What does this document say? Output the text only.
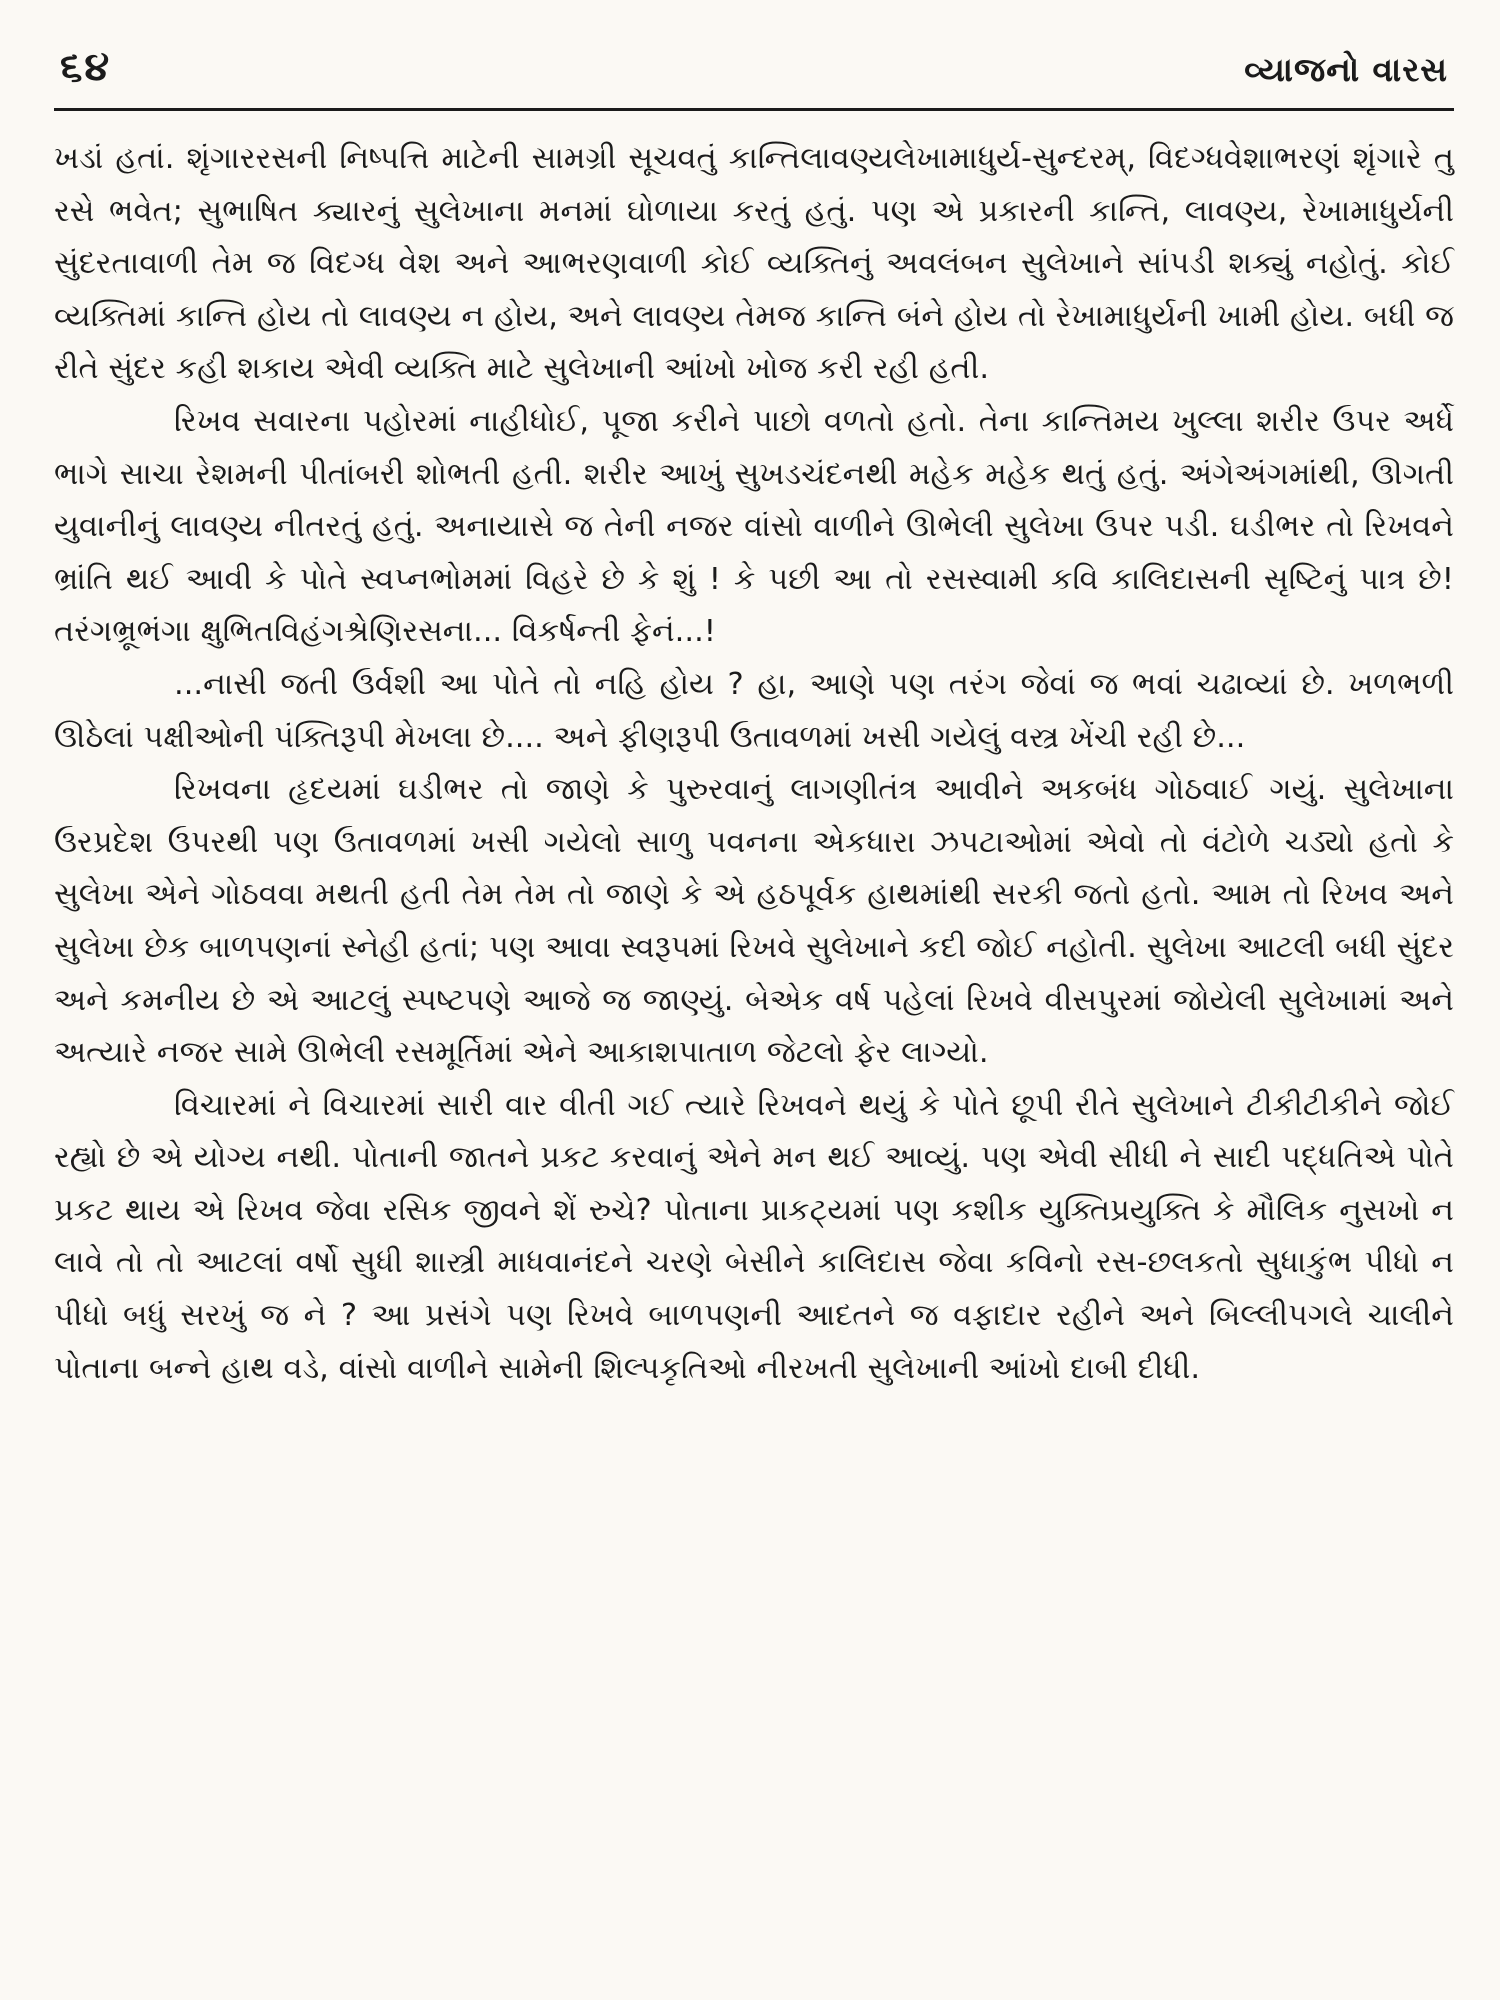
૬૪	વ્યાજનો વારસ

ખડાં હતાં. શૃંગારરસની નિષ્પત્તિ માટેની સામગ્રી સૂચવતું કાન્તિલાવણ્યલેખામાધુર્ય-સુન્દરમ્, વિદગ્ધવેશાભરણં શૃંગારે તુ રસે ભવેત; સુભાષિત ક્યારનું સુલેખાના મનમાં ઘોળાયા કરતું હતું. પણ એ પ્રકારની કાન્તિ, લાવણ્ય, રેખામાધુર્યની સુંદરતાવાળી તેમ જ વિદગ્ધ વેશ અને આભરણવાળી કોઈ વ્યક્તિનું અવલંબન સુલેખાને સાંપડી શક્યું નહોતું. કોઈ વ્યક્તિમાં કાન્તિ હોય તો લાવણ્ય ન હોય, અને લાવણ્ય તેમજ કાન્તિ બંને હોય તો રેખામાધુર્યની ખામી હોય. બધી જ રીતે સુંદર કહી શકાય એવી વ્યક્તિ માટે સુલેખાની આંખો ખોજ કરી રહી હતી.

રિખવ સવારના પહોરમાં નાહીધોઈ, પૂજા કરીને પાછો વળતો હતો. તેના કાન્તિમય ખુલ્લા શરીર ઉપર અર્ધે ભાગે સાચા રેશમની પીતાંબરી શોભતી હતી. શરીર આખું સુખડચંદનથી મહેક મહેક થતું હતું. અંગેઅંગમાંથી, ઊગતી યુવાનીનું લાવણ્ય નીતરતું હતું. અનાયાસે જ તેની નજર વાંસો વાળીને ઊભેલી સુલેખા ઉપર પડી. ઘડીભર તો રિખવને ભ્રાંતિ થઈ આવી કે પોતે સ્વપ્નભોમમાં વિહરે છે કે શું ! કે પછી આ તો રસસ્વામી કવિ કાલિદાસની સૃષ્ટિનું પાત્ર છે! તરંગભ્રૂભંગા ક્ષુભિતવિહંગશ્રેણિરસના... વિકર્ષન્તી ફેનં...!

...નાસી જતી ઉર્વશી આ પોતે તો નહિ હોય ? હા, આણે પણ તરંગ જેવાં જ ભવાં ચઢાવ્યાં છે. ખળભળી ઊઠેલાં પક્ષીઓની પંક્તિરૂપી મેખલા છે.... અને ફીણરૂપી ઉતાવળમાં ખસી ગયેલું વસ્ત્ર ખેંચી રહી છે...

રિખવના હૃદયમાં ઘડીભર તો જાણે કે પુરુરવાનું લાગણીતંત્ર આવીને અકબંધ ગોઠવાઈ ગયું. સુલેખાના ઉરપ્રદેશ ઉપરથી પણ ઉતાવળમાં ખસી ગયેલો સાળુ પવનના એકધારા ઝપટાઓમાં એવો તો વંટોળે ચડ્યો હતો કે સુલેખા એને ગોઠવવા મથતી હતી તેમ તેમ તો જાણે કે એ હઠપૂર્વક હાથમાંથી સરકી જતો હતો. આમ તો રિખવ અને સુલેખા છેક બાળપણનાં સ્નેહી હતાં; પણ આવા સ્વરૂપમાં રિખવે સુલેખાને કદી જોઈ નહોતી. સુલેખા આટલી બધી સુંદર અને કમનીય છે એ આટલું સ્પષ્ટપણે આજે જ જાણ્યું. બેએક વર્ષ પહેલાં રિખવે વીસપુરમાં જોયેલી સુલેખામાં અને અત્યારે નજર સામે ઊભેલી રસમૂર્તિમાં એને આકાશપાતાળ જેટલો ફેર લાગ્યો.

વિચારમાં ને વિચારમાં સારી વાર વીતી ગઈ ત્યારે રિખવને થયું કે પોતે છૂપી રીતે સુલેખાને ટીકીટીકીને જોઈ રહ્યો છે એ યોગ્ય નથી. પોતાની જાતને પ્રકટ કરવાનું એને મન થઈ આવ્યું. પણ એવી સીધી ને સાદી પદ્ધતિએ પોતે પ્રકટ થાય એ રિખવ જેવા રસિક જીવને શેં રુચે? પોતાના પ્રાકટ્યમાં પણ કશીક યુક્તિપ્રયુક્તિ કે મૌલિક નુસખો ન લાવે તો તો આટલાં વર્ષો સુધી શાસ્ત્રી માધવાનંદને ચરણે બેસીને કાલિદાસ જેવા કવિનો રસ-છલકતો સુધાકુંભ પીધો ન પીધો બધું સરખું જ ને ? આ પ્રસંગે પણ રિખવે બાળપણની આદતને જ વફાદાર રહીને અને બિલ્લીપગલે ચાલીને પોતાના બન્ને હાથ વડે, વાંસો વાળીને સામેની શિલ્પકૃતિઓ નીરખતી સુલેખાની આંખો દાબી દીધી.
